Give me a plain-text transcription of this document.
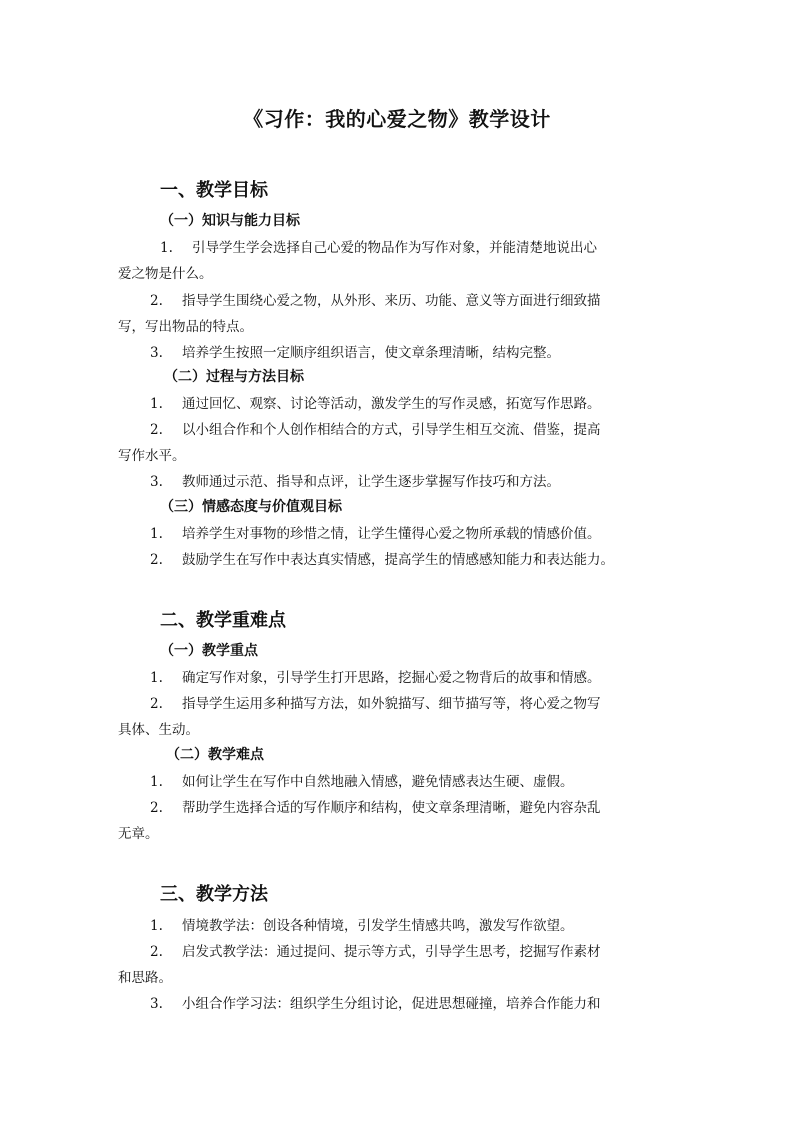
《习作：我的心爱之物》教学设计
一、教学目标
（一）知识与能力目标
1. 引导学生学会选择自己心爱的物品作为写作对象，并能清楚地说出心
爱之物是什么。
2. 指导学生围绕心爱之物，从外形、来历、功能、意义等方面进行细致描
写，写出物品的特点。
3. 培养学生按照一定顺序组织语言，使文章条理清晰，结构完整。
（二）过程与方法目标
1. 通过回忆、观察、讨论等活动，激发学生的写作灵感，拓宽写作思路。
2. 以小组合作和个人创作相结合的方式，引导学生相互交流、借鉴，提高
写作水平。
3. 教师通过示范、指导和点评，让学生逐步掌握写作技巧和方法。
（三）情感态度与价值观目标
1. 培养学生对事物的珍惜之情，让学生懂得心爱之物所承载的情感价值。
2. 鼓励学生在写作中表达真实情感，提高学生的情感感知能力和表达能力。
二、教学重难点
（一）教学重点
1. 确定写作对象，引导学生打开思路，挖掘心爱之物背后的故事和情感。
2. 指导学生运用多种描写方法，如外貌描写、细节描写等，将心爱之物写
具体、生动。
（二）教学难点
1. 如何让学生在写作中自然地融入情感，避免情感表达生硬、虚假。
2. 帮助学生选择合适的写作顺序和结构，使文章条理清晰，避免内容杂乱
无章。
三、教学方法
1. 情境教学法：创设各种情境，引发学生情感共鸣，激发写作欲望。
2. 启发式教学法：通过提问、提示等方式，引导学生思考，挖掘写作素材
和思路。
3. 小组合作学习法：组织学生分组讨论，促进思想碰撞，培养合作能力和
